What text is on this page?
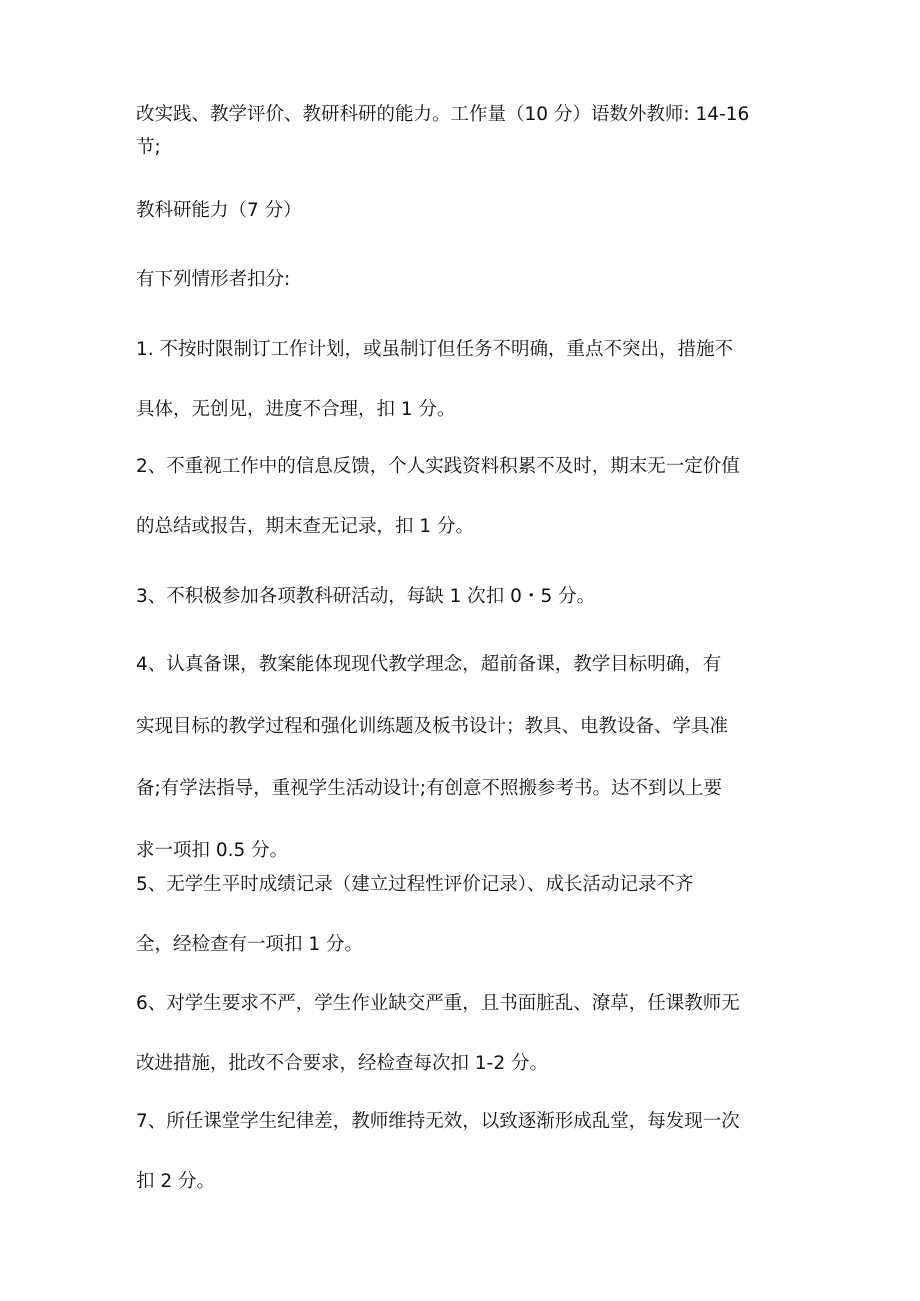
改实践、教学评价、教研科研的能力。工作量（10 分）语数外教师: 14-16
节;

教科研能力（7 分）

有下列情形者扣分:

1. 不按时限制订工作计划，或虽制订但任务不明确，重点不突出，措施不
具体，无创见，进度不合理，扣 1 分。

2、不重视工作中的信息反馈，个人实践资料积累不及时，期末无一定价值
的总结或报告，期末查无记录，扣 1 分。

3、不积极参加各项教科研活动，每缺 1 次扣 0・5 分。

4、认真备课，教案能体现现代教学理念，超前备课，教学目标明确，有
实现目标的教学过程和强化训练题及板书设计；教具、电教设备、学具准
备;有学法指导，重视学生活动设计;有创意不照搬参考书。达不到以上要
求一项扣 0.5 分。

5、无学生平时成绩记录（建立过程性评价记录）、成长活动记录不齐
全，经检查有一项扣 1 分。

6、对学生要求不严，学生作业缺交严重，且书面脏乱、潦草，任课教师无
改进措施，批改不合要求，经检查每次扣 1-2 分。

7、所任课堂学生纪律差，教师维持无效，以致逐渐形成乱堂，每发现一次
扣 2 分。
